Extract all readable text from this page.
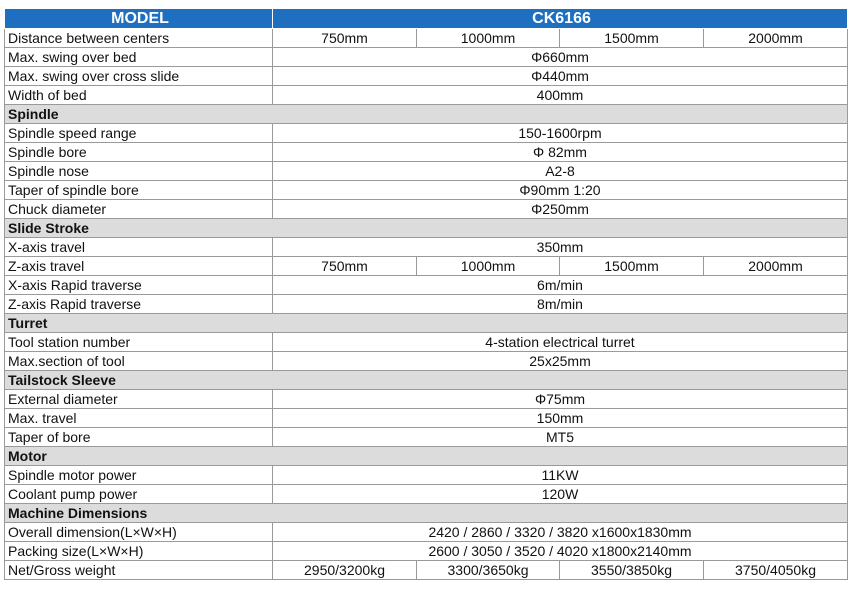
MODEL	CK6166			
Distance between centers	750mm	1000mm	1500mm	2000mm
Max. swing over bed	Φ660mm			
Max. swing over cross slide	Φ440mm			
Width of bed	400mm			
Spindle				
Spindle speed range	150-1600rpm			
Spindle bore	Φ 82mm			
Spindle nose	A2-8			
Taper of spindle bore	Φ90mm 1:20			
Chuck diameter	Φ250mm			
Slide Stroke				
X-axis travel	350mm			
Z-axis travel	750mm	1000mm	1500mm	2000mm
X-axis Rapid traverse	6m/min			
Z-axis Rapid traverse	8m/min			
Turret				
Tool station number	4-station electrical turret			
Max.section of tool	25x25mm			
Tailstock Sleeve				
External diameter	Φ75mm			
Max. travel	150mm			
Taper of bore	MT5			
Motor				
Spindle motor power	11KW			
Coolant pump power	120W			
Machine Dimensions				
Overall dimension(L×W×H)	2420 / 2860 / 3320 / 3820 x1600x1830mm			
Packing size(L×W×H)	2600 / 3050 / 3520 / 4020 x1800x2140mm			
Net/Gross weight	2950/3200kg	3300/3650kg	3550/3850kg	3750/4050kg
